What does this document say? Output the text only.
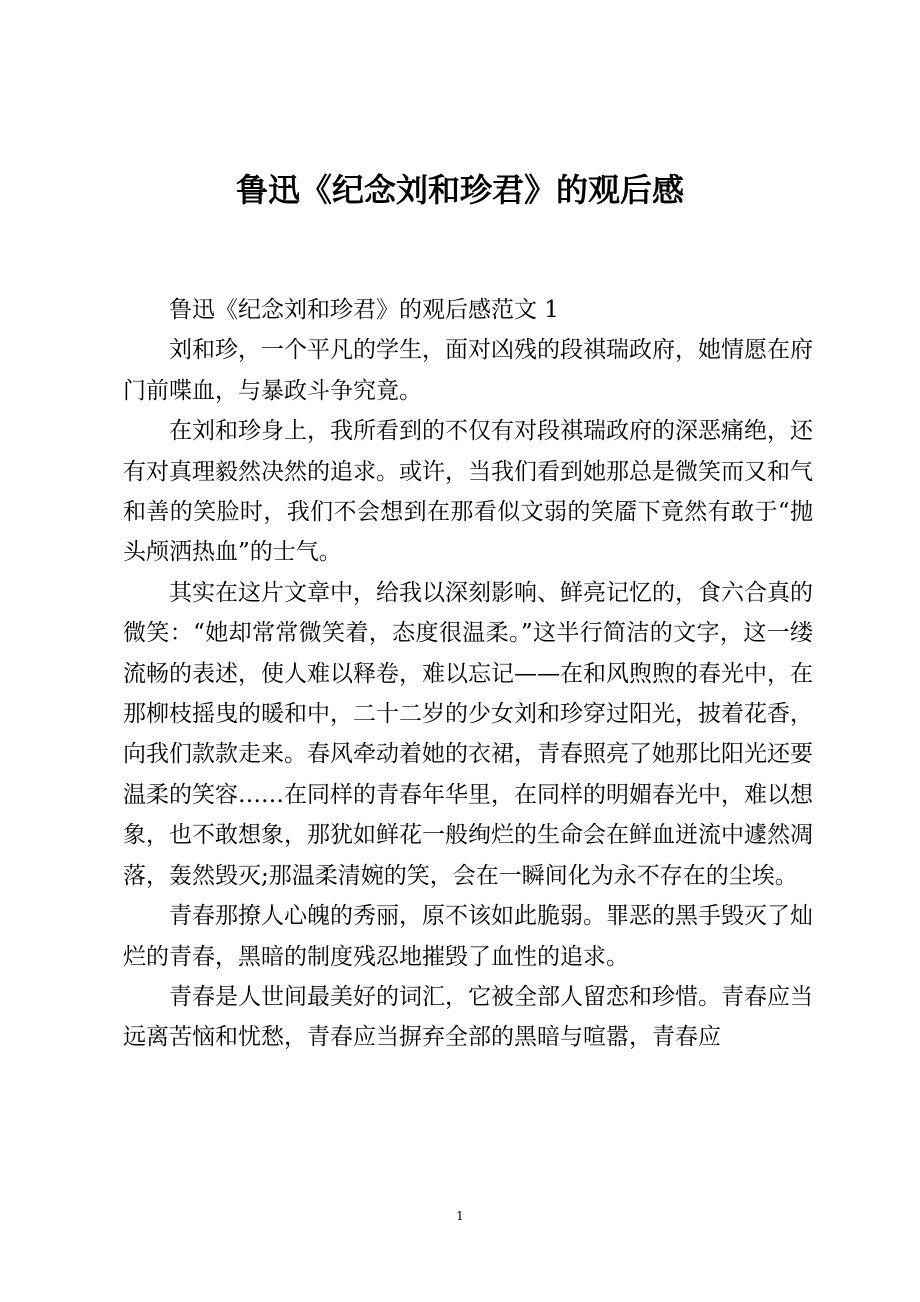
鲁迅《纪念刘和珍君》的观后感

鲁迅《纪念刘和珍君》的观后感范文 1

刘和珍，一个平凡的学生，面对凶残的段祺瑞政府，她情愿在府门前喋血，与暴政斗争究竟。

在刘和珍身上，我所看到的不仅有对段祺瑞政府的深恶痛绝，还有对真理毅然决然的追求。或许，当我们看到她那总是微笑而又和气和善的笑脸时，我们不会想到在那看似文弱的笑靥下竟然有敢于“抛头颅洒热血”的士气。

其实在这片文章中，给我以深刻影响、鲜亮记忆的，食六合真的微笑：“她却常常微笑着，态度很温柔。”这半行简洁的文字，这一缕流畅的表述，使人难以释卷，难以忘记——在和风煦煦的春光中，在那柳枝摇曳的暖和中，二十二岁的少女刘和珍穿过阳光，披着花香，向我们款款走来。春风牵动着她的衣裙，青春照亮了她那比阳光还要温柔的笑容……在同样的青春年华里，在同样的明媚春光中，难以想象，也不敢想象，那犹如鲜花一般绚烂的生命会在鲜血迸流中遽然凋落，轰然毁灭;那温柔清婉的笑，会在一瞬间化为永不存在的尘埃。

青春那撩人心魄的秀丽，原不该如此脆弱。罪恶的黑手毁灭了灿烂的青春，黑暗的制度残忍地摧毁了血性的追求。

青春是人世间最美好的词汇，它被全部人留恋和珍惜。青春应当远离苦恼和忧愁，青春应当摒弃全部的黑暗与喧嚣，青春应

1
